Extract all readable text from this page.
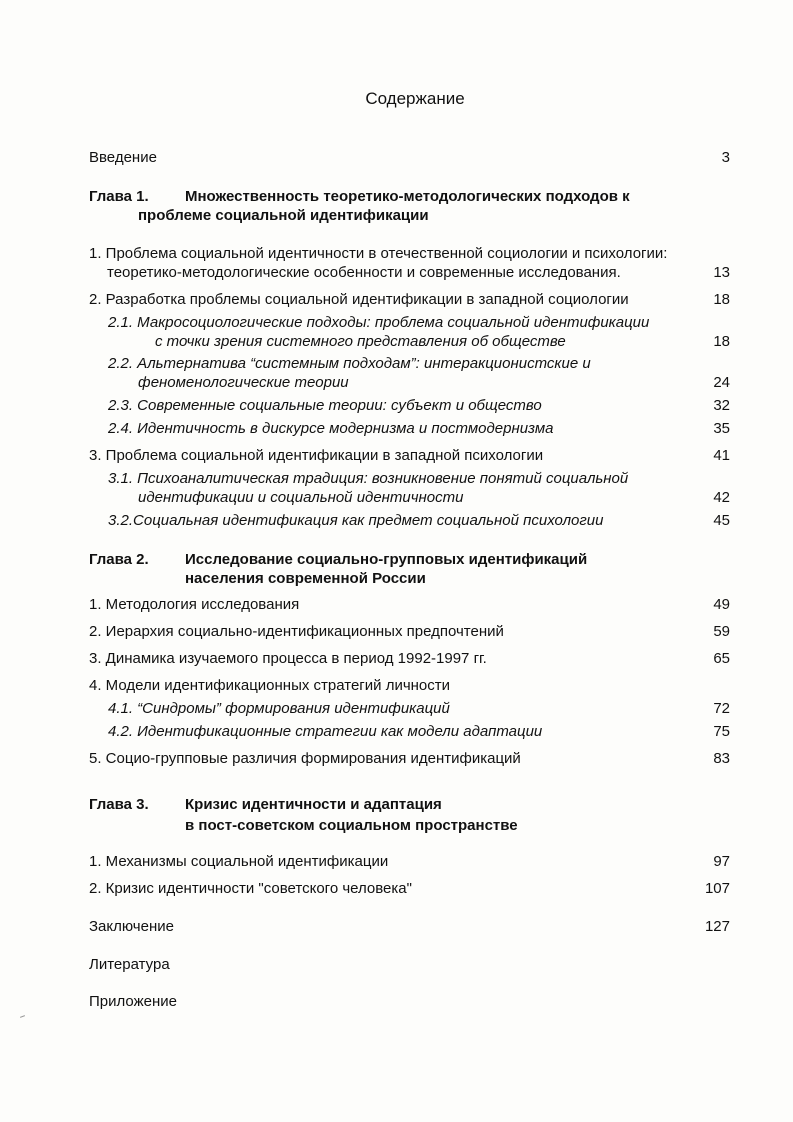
Содержание
Введение	3
Глава 1. Множественность теоретико-методологических подходов к
проблеме социальной идентификации
1. Проблема социальной идентичности в отечественной социологии и психологии:
теоретико-методологические особенности и современные исследования.	13
2. Разработка проблемы социальной идентификации в западной социологии	18
2.1. Макросоциологические подходы: проблема социальной идентификации
с точки зрения системного представления об обществе	18
2.2. Альтернатива “системным подходам”: интеракционистские и
феноменологические теории	24
2.3. Современные социальные теории: субъект и общество	32
2.4. Идентичность в дискурсе модернизма и постмодернизма	35
3. Проблема социальной идентификации в западной психологии	41
3.1. Психоаналитическая традиция: возникновение понятий социальной
идентификации и социальной идентичности	42
3.2.Социальная идентификация как предмет социальной психологии	45
Глава 2. Исследование социально-групповых идентификаций
населения современной России
1. Методология исследования	49
2. Иерархия социально-идентификационных предпочтений	59
3. Динамика изучаемого процесса в период 1992-1997 гг.	65
4. Модели идентификационных стратегий личности
4.1. “Синдромы” формирования идентификаций	72
4.2. Идентификационные стратегии как модели адаптации	75
5. Социо-групповые различия формирования идентификаций	83
Глава 3. Кризис идентичности и адаптация
в пост-советском социальном пространстве
1. Механизмы социальной идентификации	97
2. Кризис идентичности "советского человека"	107
Заключение	127
Литература
Приложение
